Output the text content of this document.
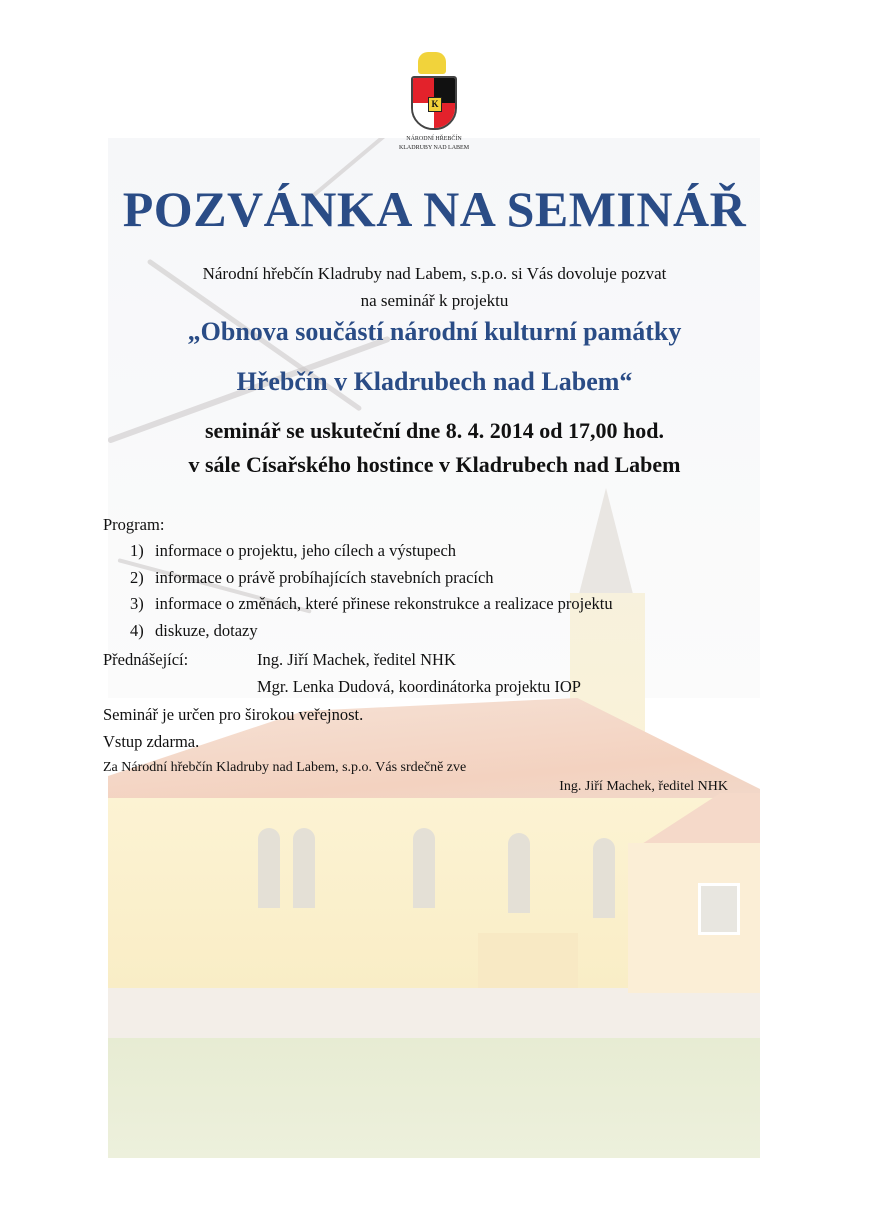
K
NÁRODNÍ HŘEBČÍN
KLADRUBY NAD LABEM
POZVÁNKA NA SEMINÁŘ
Národní hřebčín Kladruby nad Labem, s.p.o. si Vás dovoluje pozvat
na seminář k projektu
„Obnova součástí národní kulturní památky
Hřebčín v Kladrubech nad Labem“
seminář se uskuteční dne 8. 4. 2014 od 17,00 hod.
v sále Císařského hostince v Kladrubech nad Labem
Program:
1) informace o projektu, jeho cílech a výstupech
2) informace o právě probíhajících stavebních pracích
3) informace o změnách, které přinese rekonstrukce a realizace projektu
4) diskuze, dotazy
Přednášející:	Ing. Jiří Machek, ředitel NHK
Mgr. Lenka Dudová, koordinátorka projektu IOP
Seminář je určen pro širokou veřejnost.
Vstup zdarma.
Za Národní hřebčín Kladruby nad Labem, s.p.o. Vás srdečně zve
Ing. Jiří Machek, ředitel NHK
